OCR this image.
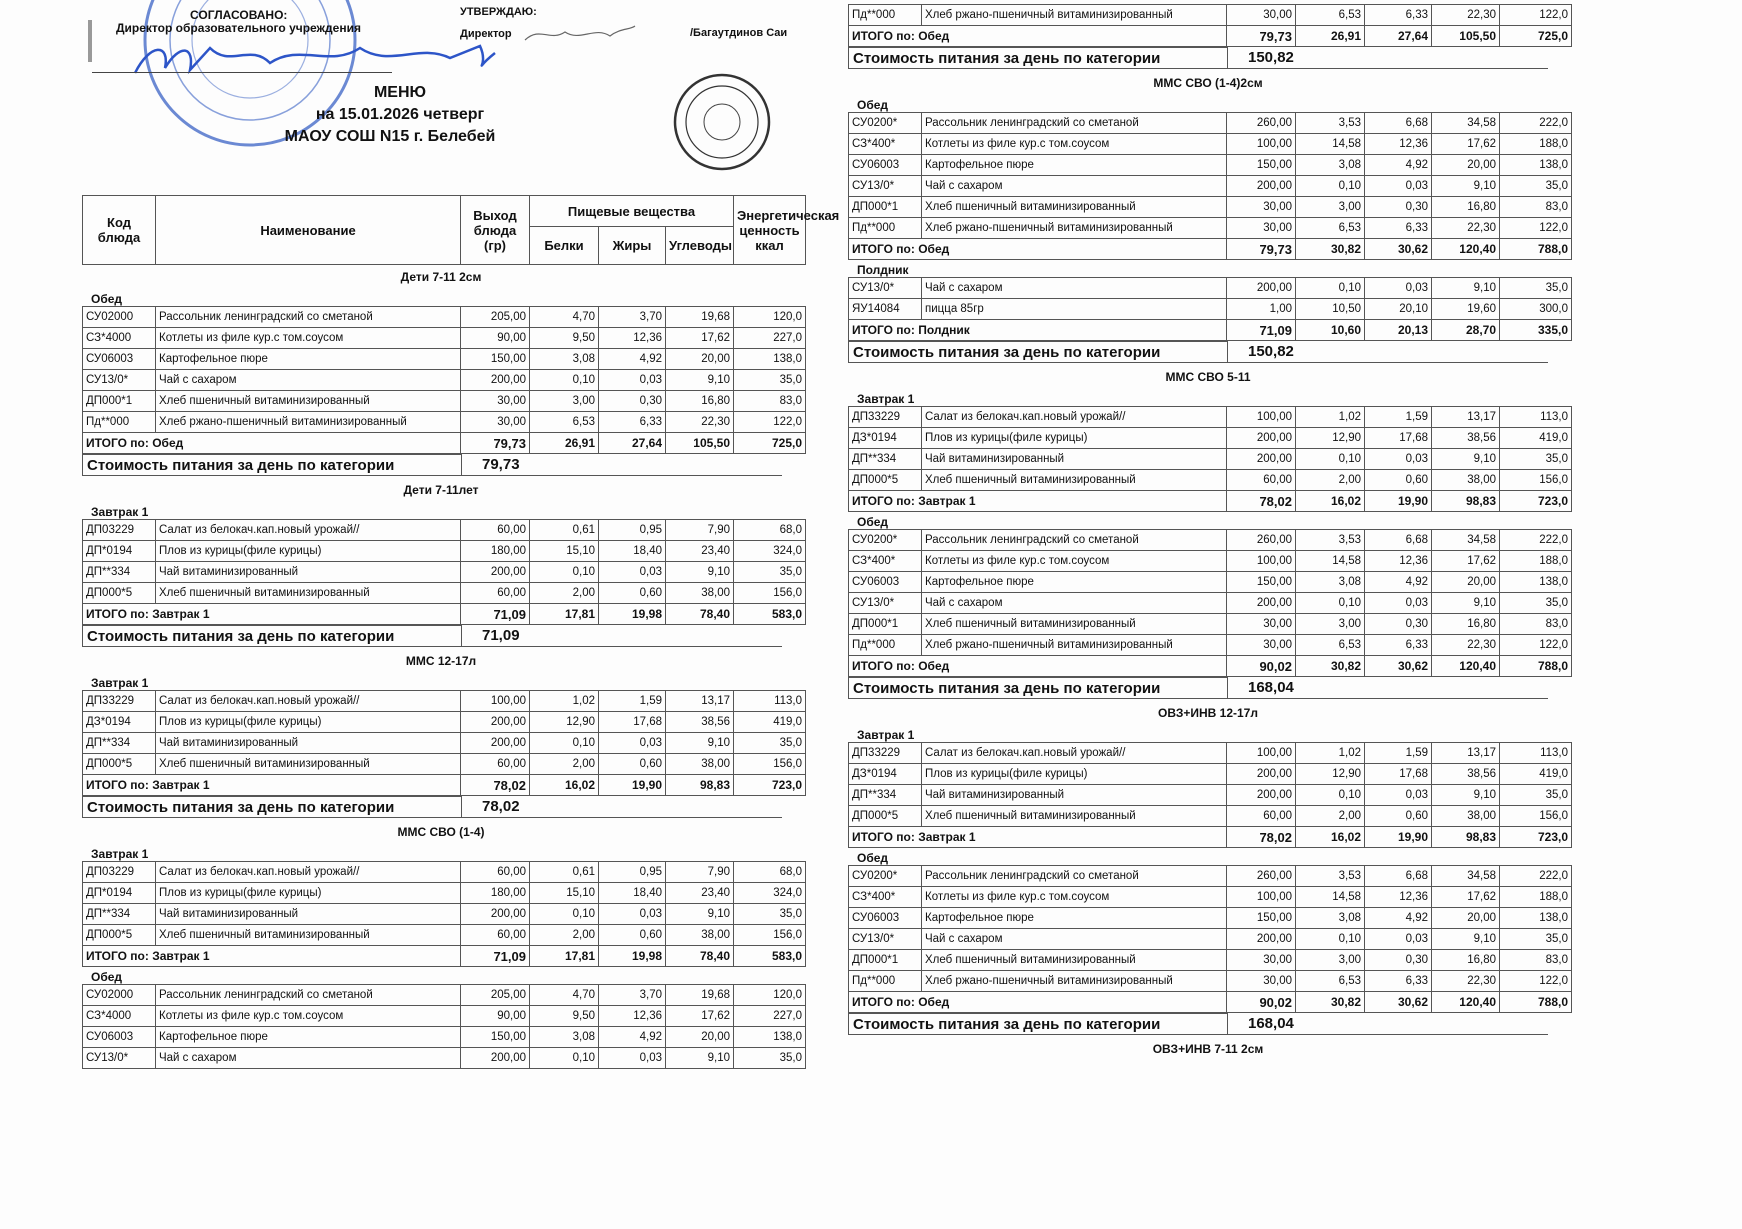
СОГЛАСОВАНО:
Директор образовательного учреждения
УТВЕРЖДАЮ:
Директор	/Багаутдинов Саи
МЕНЮ
на 15.01.2026 четверг
МАОУ СОШ N15 г. Белебей
Код блюда	Наименование	Выход блюда (гр)	Пищевые вещества			Энергетическая ценность ккал
			Белки	Жиры	Углеводы	
Дети 7-11 2см
Обед
СУ02000	Рассольник ленинградский со сметаной	205,00	4,70	3,70	19,68	120,0
СЗ*4000	Котлеты из филе кур.с том.соусом	90,00	9,50	12,36	17,62	227,0
СУ06003	Картофельное пюре	150,00	3,08	4,92	20,00	138,0
СУ13/0*	Чай с сахаром	200,00	0,10	0,03	9,10	35,0
ДП000*1	Хлеб пшеничный витаминизированный	30,00	3,00	0,30	16,80	83,0
Пд**000	Хлеб ржано-пшеничный витаминизированный	30,00	6,53	6,33	22,30	122,0
ИТОГО по: Обед		79,73	26,91	27,64	105,50	725,0
Стоимость питания за день по категории	79,73
Дети 7-11лет
Завтрак 1
ДП03229	Салат из белокач.кап.новый урожай//	60,00	0,61	0,95	7,90	68,0
ДП*0194	Плов из курицы(филе курицы)	180,00	15,10	18,40	23,40	324,0
ДП**334	Чай витаминизированный	200,00	0,10	0,03	9,10	35,0
ДП000*5	Хлеб пшеничный витаминизированный	60,00	2,00	0,60	38,00	156,0
ИТОГО по: Завтрак 1		71,09	17,81	19,98	78,40	583,0
Стоимость питания за день по категории	71,09
ММС 12-17л
Завтрак 1
ДП33229	Салат из белокач.кап.новый урожай//	100,00	1,02	1,59	13,17	113,0
ДЗ*0194	Плов из курицы(филе курицы)	200,00	12,90	17,68	38,56	419,0
ДП**334	Чай витаминизированный	200,00	0,10	0,03	9,10	35,0
ДП000*5	Хлеб пшеничный витаминизированный	60,00	2,00	0,60	38,00	156,0
ИТОГО по: Завтрак 1		78,02	16,02	19,90	98,83	723,0
Стоимость питания за день по категории	78,02
ММС СВО (1-4)
Завтрак 1
ДП03229	Салат из белокач.кап.новый урожай//	60,00	0,61	0,95	7,90	68,0
ДП*0194	Плов из курицы(филе курицы)	180,00	15,10	18,40	23,40	324,0
ДП**334	Чай витаминизированный	200,00	0,10	0,03	9,10	35,0
ДП000*5	Хлеб пшеничный витаминизированный	60,00	2,00	0,60	38,00	156,0
ИТОГО по: Завтрак 1		71,09	17,81	19,98	78,40	583,0
Обед
СУ02000	Рассольник ленинградский со сметаной	205,00	4,70	3,70	19,68	120,0
СЗ*4000	Котлеты из филе кур.с том.соусом	90,00	9,50	12,36	17,62	227,0
СУ06003	Картофельное пюре	150,00	3,08	4,92	20,00	138,0
СУ13/0*	Чай с сахаром	200,00	0,10	0,03	9,10	35,0
Пд**000	Хлеб ржано-пшеничный витаминизированный	30,00	6,53	6,33	22,30	122,0
ИТОГО по: Обед		79,73	26,91	27,64	105,50	725,0
Стоимость питания за день по категории	150,82
ММС СВО (1-4)2см
Обед
СУ0200*	Рассольник ленинградский со сметаной	260,00	3,53	6,68	34,58	222,0
СЗ*400*	Котлеты из филе кур.с том.соусом	100,00	14,58	12,36	17,62	188,0
СУ06003	Картофельное пюре	150,00	3,08	4,92	20,00	138,0
СУ13/0*	Чай с сахаром	200,00	0,10	0,03	9,10	35,0
ДП000*1	Хлеб пшеничный витаминизированный	30,00	3,00	0,30	16,80	83,0
Пд**000	Хлеб ржано-пшеничный витаминизированный	30,00	6,53	6,33	22,30	122,0
ИТОГО по: Обед		79,73	30,82	30,62	120,40	788,0
Полдник
СУ13/0*	Чай с сахаром	200,00	0,10	0,03	9,10	35,0
ЯУ14084	пицца 85гр	1,00	10,50	20,10	19,60	300,0
ИТОГО по: Полдник		71,09	10,60	20,13	28,70	335,0
Стоимость питания за день по категории	150,82
ММС СВО 5-11
Завтрак 1
ДП33229	Салат из белокач.кап.новый урожай//	100,00	1,02	1,59	13,17	113,0
ДЗ*0194	Плов из курицы(филе курицы)	200,00	12,90	17,68	38,56	419,0
ДП**334	Чай витаминизированный	200,00	0,10	0,03	9,10	35,0
ДП000*5	Хлеб пшеничный витаминизированный	60,00	2,00	0,60	38,00	156,0
ИТОГО по: Завтрак 1		78,02	16,02	19,90	98,83	723,0
Обед
СУ0200*	Рассольник ленинградский со сметаной	260,00	3,53	6,68	34,58	222,0
СЗ*400*	Котлеты из филе кур.с том.соусом	100,00	14,58	12,36	17,62	188,0
СУ06003	Картофельное пюре	150,00	3,08	4,92	20,00	138,0
СУ13/0*	Чай с сахаром	200,00	0,10	0,03	9,10	35,0
ДП000*1	Хлеб пшеничный витаминизированный	30,00	3,00	0,30	16,80	83,0
Пд**000	Хлеб ржано-пшеничный витаминизированный	30,00	6,53	6,33	22,30	122,0
ИТОГО по: Обед		90,02	30,82	30,62	120,40	788,0
Стоимость питания за день по категории	168,04
ОВЗ+ИНВ 12-17л
Завтрак 1
ДП33229	Салат из белокач.кап.новый урожай//	100,00	1,02	1,59	13,17	113,0
ДЗ*0194	Плов из курицы(филе курицы)	200,00	12,90	17,68	38,56	419,0
ДП**334	Чай витаминизированный	200,00	0,10	0,03	9,10	35,0
ДП000*5	Хлеб пшеничный витаминизированный	60,00	2,00	0,60	38,00	156,0
ИТОГО по: Завтрак 1		78,02	16,02	19,90	98,83	723,0
Обед
СУ0200*	Рассольник ленинградский со сметаной	260,00	3,53	6,68	34,58	222,0
СЗ*400*	Котлеты из филе кур.с том.соусом	100,00	14,58	12,36	17,62	188,0
СУ06003	Картофельное пюре	150,00	3,08	4,92	20,00	138,0
СУ13/0*	Чай с сахаром	200,00	0,10	0,03	9,10	35,0
ДП000*1	Хлеб пшеничный витаминизированный	30,00	3,00	0,30	16,80	83,0
Пд**000	Хлеб ржано-пшеничный витаминизированный	30,00	6,53	6,33	22,30	122,0
ИТОГО по: Обед		90,02	30,82	30,62	120,40	788,0
Стоимость питания за день по категории	168,04
ОВЗ+ИНВ 7-11 2см
